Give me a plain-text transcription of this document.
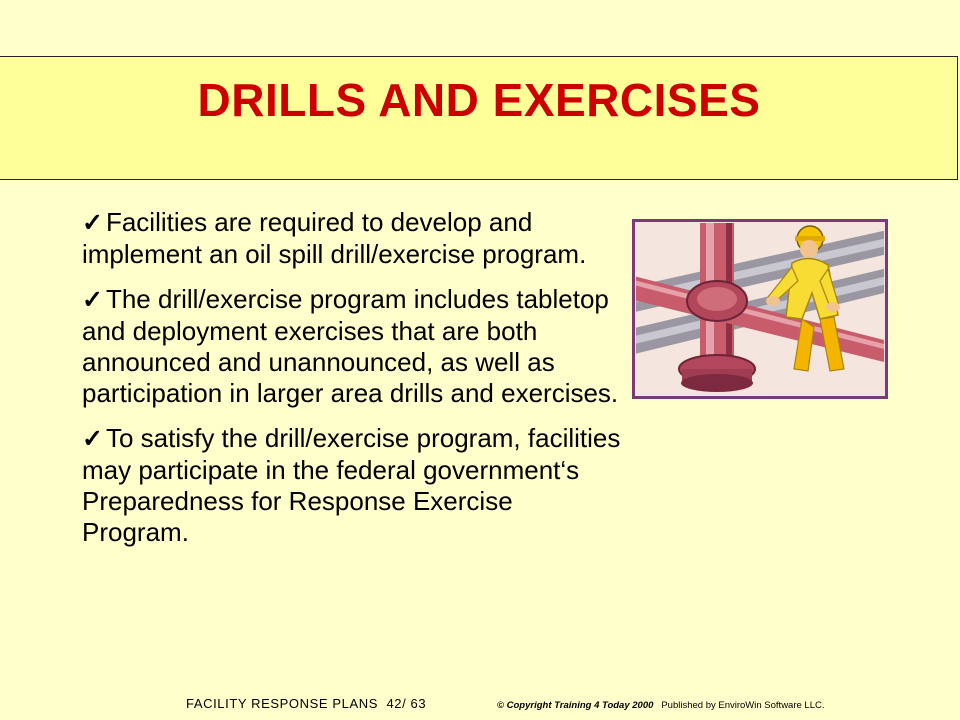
DRILLS AND EXERCISES

✓ Facilities are required to develop and implement an oil spill drill/exercise program.

✓ The drill/exercise program includes tabletop and deployment exercises that are both announced and unannounced, as well as participation in larger area drills and exercises.

✓ To satisfy the drill/exercise program, facilities may participate in the federal government‘s Preparedness for Response Exercise Program.

FACILITY RESPONSE PLANS 42/ 63	© Copyright Training 4 Today 2000 Published by EnviroWin Software LLC.
